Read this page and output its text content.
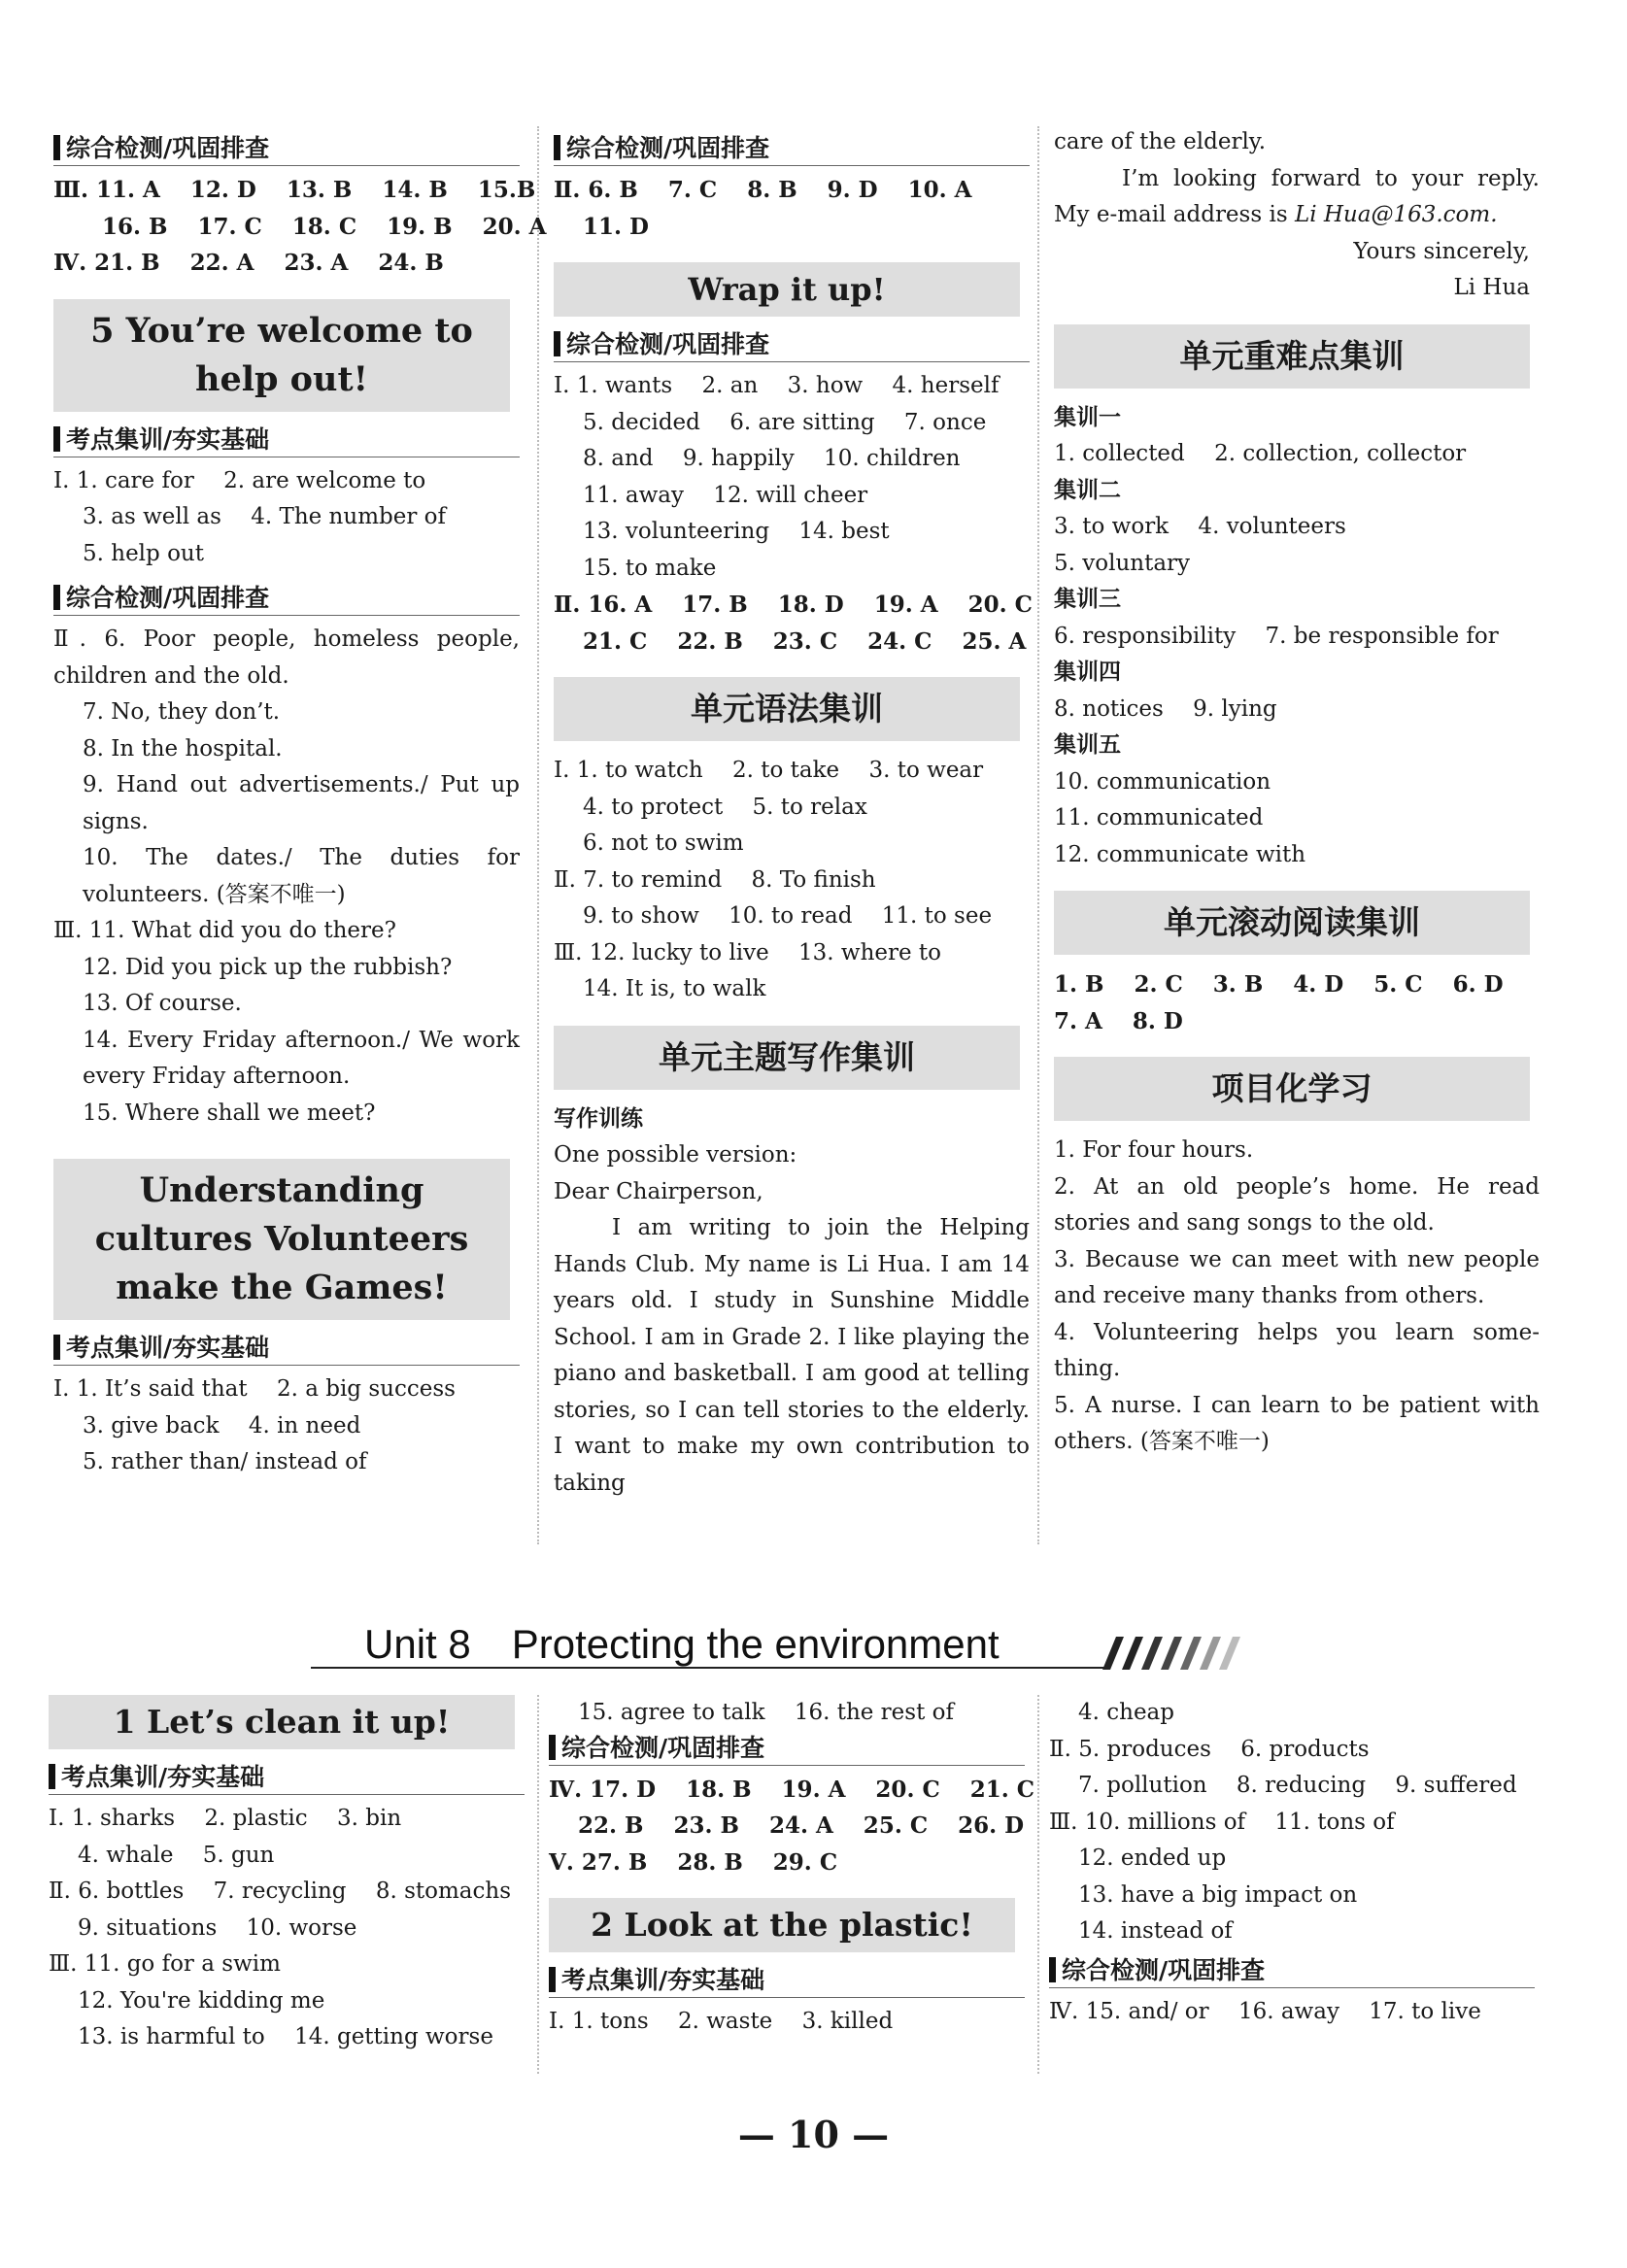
综合检测/巩固排查
Ⅲ. 11. A　 12. D　 13. B　 14. B　 15.B
16. B　 17. C　 18. C　 19. B　 20. A
Ⅳ. 21. B　 22. A　 23. A　 24. B
5 You’re welcome to help out!
考点集训/夯实基础
Ⅰ. 1. care for　 2. are welcome to
3. as well as　 4. The number of
5. help out
综合检测/巩固排查
Ⅱ. 6. Poor people, homeless people, children and the old.
7. No, they don’t.
8. In the hospital.
9. Hand out advertisements./ Put up signs.
10. The dates./ The duties for volunteers. (答案不唯一)
Ⅲ. 11. What did you do there?
12. Did you pick up the rubbish?
13. Of course.
14. Every Friday afternoon./ We work every Friday afternoon.
15. Where shall we meet?
Understanding cultures Volunteers make the Games!
考点集训/夯实基础
Ⅰ. 1. It’s said that　 2. a big success
3. give back　 4. in need
5. rather than/ instead of
综合检测/巩固排查
Ⅱ. 6. B　 7. C　 8. B　 9. D　 10. A
11. D
Wrap it up!
综合检测/巩固排查
Ⅰ. 1. wants　 2. an　 3. how　 4. herself
5. decided　 6. are sitting　 7. once
8. and　 9. happily　 10. children
11. away　 12. will cheer
13. volunteering　 14. best
15. to make
Ⅱ. 16. A　 17. B　 18. D　 19. A　 20. C
21. C　 22. B　 23. C　 24. C　 25. A
单元语法集训
Ⅰ. 1. to watch　 2. to take　 3. to wear
4. to protect　 5. to relax
6. not to swim
Ⅱ. 7. to remind　 8. To finish
9. to show　 10. to read　 11. to see
Ⅲ. 12. lucky to live　 13. where to
14. It is, to walk
单元主题写作集训
写作训练
One possible version:
Dear Chairperson,
I am writing to join the Helping Hands Club. My name is Li Hua. I am 14 years old. I study in Sunshine Middle School. I am in Grade 2. I like playing the piano and basketball. I am good at telling stories, so I can tell stories to the elderly. I want to make my own contribution to taking
care of the elderly.
I’m looking forward to your reply. My e-mail address is Li Hua@163.com.
Yours sincerely,
Li Hua
单元重难点集训
集训一
1. collected　 2. collection, collector
集训二
3. to work　 4. volunteers
5. voluntary
集训三
6. responsibility　 7. be responsible for
集训四
8. notices　 9. lying
集训五
10. communication
11. communicated
12. communicate with
单元滚动阅读集训
1. B　 2. C　 3. B　 4. D　 5. C　 6. D
7. A　 8. D
项目化学习
1. For four hours.
2. At an old people’s home. He read stories and sang songs to the old.
3. Because we can meet with new people and receive many thanks from others.
4. Volunteering helps you learn some-thing.
5. A nurse. I can learn to be patient with others. (答案不唯一)
Unit 8　Protecting the environment
1 Let’s clean it up!
考点集训/夯实基础
Ⅰ. 1. sharks　 2. plastic　 3. bin
4. whale　 5. gun
Ⅱ. 6. bottles　 7. recycling　 8. stomachs
9. situations　 10. worse
Ⅲ. 11. go for a swim
12. You're kidding me
13. is harmful to　 14. getting worse
15. agree to talk　 16. the rest of
综合检测/巩固排查
Ⅳ. 17. D　 18. B　 19. A　 20. C　 21. C
22. B　 23. B　 24. A　 25. C　 26. D
Ⅴ. 27. B　 28. B　 29. C
2 Look at the plastic!
考点集训/夯实基础
Ⅰ. 1. tons　 2. waste　 3. killed
4. cheap
Ⅱ. 5. produces　 6. products
7. pollution　 8. reducing　 9. suffered
Ⅲ. 10. millions of　 11. tons of
12. ended up
13. have a big impact on
14. instead of
综合检测/巩固排查
Ⅳ. 15. and/ or　 16. away　 17. to live
— 10 —
